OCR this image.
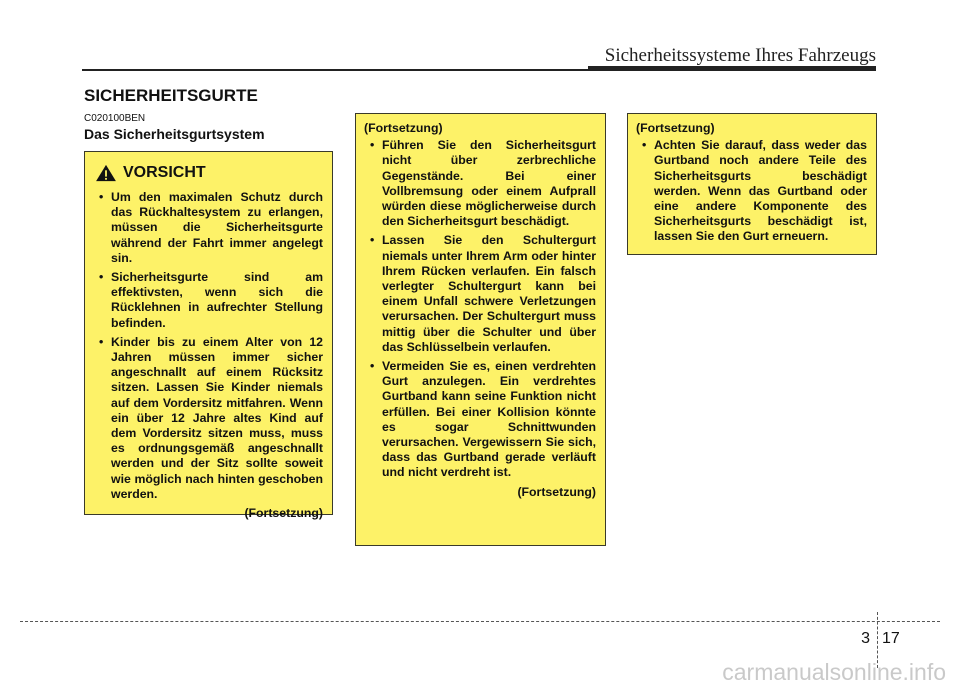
Sicherheitssysteme Ihres Fahrzeugs
SICHERHEITSGURTE
C020100BEN
Das Sicherheitsgurtsystem
VORSICHT
• Um den maximalen Schutz durch das Rückhaltesystem zu erlangen, müssen die Sicherheitsgurte während der Fahrt immer angelegt sin.
• Sicherheitsgurte sind am effektivsten, wenn sich die Rücklehnen in aufrechter Stellung befinden.
• Kinder bis zu einem Alter von 12 Jahren müssen immer sicher angeschnallt auf einem Rücksitz sitzen. Lassen Sie Kinder niemals auf dem Vordersitz mitfahren. Wenn ein über 12 Jahre altes Kind auf dem Vordersitz sitzen muss, muss es ordnungsgemäß angeschnallt werden und der Sitz sollte soweit wie möglich nach hinten geschoben werden.
(Fortsetzung)
(Fortsetzung)
• Führen Sie den Sicherheitsgurt nicht über zerbrechliche Gegenstände. Bei einer Vollbremsung oder einem Aufprall würden diese möglicherweise durch den Sicherheitsgurt beschädigt.
• Lassen Sie den Schultergurt niemals unter Ihrem Arm oder hinter Ihrem Rücken verlaufen. Ein falsch verlegter Schultergurt kann bei einem Unfall schwere Verletzungen verursachen. Der Schultergurt muss mittig über die Schulter und über das Schlüsselbein verlaufen.
• Vermeiden Sie es, einen verdrehten Gurt anzulegen. Ein verdrehtes Gurtband kann seine Funktion nicht erfüllen. Bei einer Kollision könnte es sogar Schnittwunden verursachen. Vergewissern Sie sich, dass das Gurtband gerade verläuft und nicht verdreht ist.
(Fortsetzung)
(Fortsetzung)
• Achten Sie darauf, dass weder das Gurtband noch andere Teile des Sicherheitsgurts beschädigt werden. Wenn das Gurtband oder eine andere Komponente des Sicherheitsgurts beschädigt ist, lassen Sie den Gurt erneuern.
3 17
carmanualsonline.info
